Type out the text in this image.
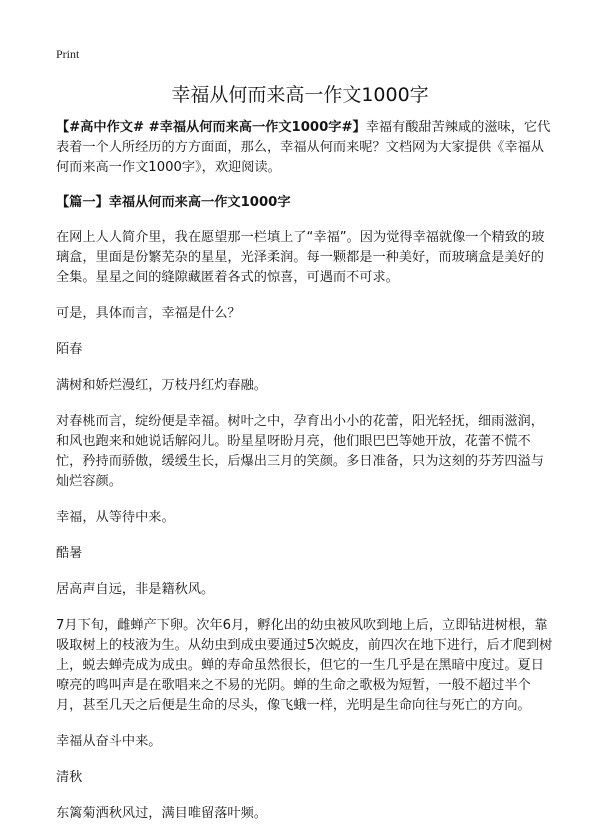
Print
幸福从何而来高一作文1000字

【#高中作文# #幸福从何而来高一作文1000字#】幸福有酸甜苦辣咸的滋味，它代表着一个人所经历的方方面面，那么，幸福从何而来呢？文档网为大家提供《幸福从何而来高一作文1000字》，欢迎阅读。

【篇一】幸福从何而来高一作文1000字

在网上人人简介里，我在愿望那一栏填上了“幸福”。因为觉得幸福就像一个精致的玻璃盒，里面是份繁芜杂的星星，光泽柔润。每一颗都是一种美好，而玻璃盒是美好的全集。星星之间的缝隙藏匿着各式的惊喜，可遇而不可求。

可是，具体而言，幸福是什么？

陌春

满树和娇烂漫红，万枝丹红灼春融。

对春桃而言，绽纷便是幸福。树叶之中，孕育出小小的花蕾，阳光轻抚，细雨滋润，和风也跑来和她说话解闷儿。盼星星呀盼月亮，他们眼巴巴等她开放，花蕾不慌不忙，矜持而骄傲，缓缓生长，后爆出三月的笑颜。多日准备，只为这刻的芬芳四溢与灿烂容颜。

幸福，从等待中来。

酷暑

居高声自远，非是籍秋风。

7月下旬，雌蝉产下卵。次年6月，孵化出的幼虫被风吹到地上后，立即钻进树根，靠吸取树上的枝液为生。从幼虫到成虫要通过5次蜕皮，前四次在地下进行，后才爬到树上，蜕去蝉壳成为成虫。蝉的寿命虽然很长，但它的一生几乎是在黑暗中度过。夏日嘹亮的鸣叫声是在歌唱来之不易的光阴。蝉的生命之歌极为短暂，一般不超过半个月，甚至几天之后便是生命的尽头，像飞蛾一样，光明是生命向往与死亡的方向。

幸福从奋斗中来。

清秋

东篱菊洒秋风过，满目唯留落叶频。
